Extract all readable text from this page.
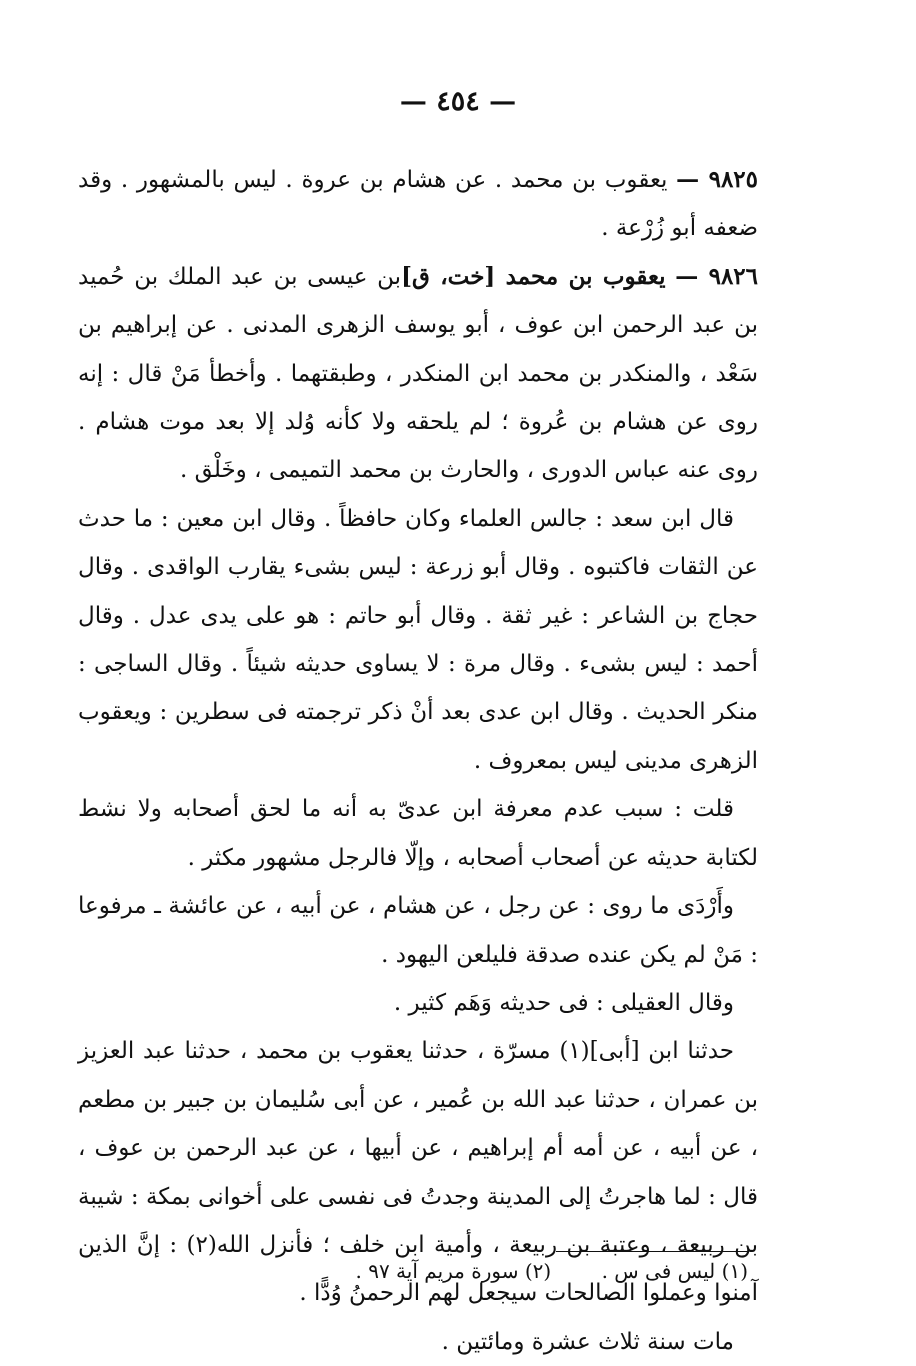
— ٤٥٤ —

٩٨٢٥ — يعقوب بن محمد . عن هشام بن عروة . ليس بالمشهور . وقد ضعفه أبو زُرْعة .

٩٨٢٦ — يعقوب بن محمد [خت، ق]بن عيسى بن عبد الملك بن حُميد بن عبد الرحمن ابن عوف ، أبو يوسف الزهرى المدنى . عن إبراهيم بن سَعْد ، والمنكدر بن محمد ابن المنكدر ، وطبقتهما . وأخطأ مَنْ قال : إنه روى عن هشام بن عُروة ؛ لم يلحقه ولا كأنه وُلد إلا بعد موت هشام . روى عنه عباس الدورى ، والحارث بن محمد التميمى ، وخَلْق .

قال ابن سعد : جالس العلماء وكان حافظاً . وقال ابن معين : ما حدث عن الثقات فاكتبوه . وقال أبو زرعة : ليس بشىء يقارب الواقدى . وقال حجاج بن الشاعر : غير ثقة . وقال أبو حاتم : هو على يدى عدل . وقال أحمد : ليس بشىء . وقال مرة : لا يساوى حديثه شيئاً . وقال الساجى : منكر الحديث . وقال ابن عدى بعد أنْ ذكر ترجمته فى سطرين : ويعقوب الزهرى مدينى ليس بمعروف .

قلت : سبب عدم معرفة ابن عدىّ به أنه ما لحق أصحابه ولا نشط لكتابة حديثه عن أصحاب أصحابه ، وإلّا فالرجل مشهور مكثر .

وأَرْدَى ما روى : عن رجل ، عن هشام ، عن أبيه ، عن عائشة ـ مرفوعا : مَنْ لم يكن عنده صدقة فليلعن اليهود .

وقال العقيلى : فى حديثه وَهَم كثير .

حدثنا ابن [أبى](١) مسرّة ، حدثنا يعقوب بن محمد ، حدثنا عبد العزيز بن عمران ، حدثنا عبد الله بن عُمير ، عن أبى سُليمان بن جبير بن مطعم ، عن أبيه ، عن أمه أم إبراهيم ، عن أبيها ، عن عبد الرحمن بن عوف ، قال : لما هاجرتُ إلى المدينة وجدتُ فى نفسى على أخوانى بمكة : شيبة بن ربيعة ، وعتبة بن ربيعة ، وأمية ابن خلف ؛ فأنزل الله(٢) : إنَّ الذين آمنوا وعملوا الصالحات سيجعل لهم الرحمنُ وُدًّا .

مات سنة ثلاث عشرة ومائتين .

(١) ليس فى س . (٢) سورة مريم آية ٩٧ .
